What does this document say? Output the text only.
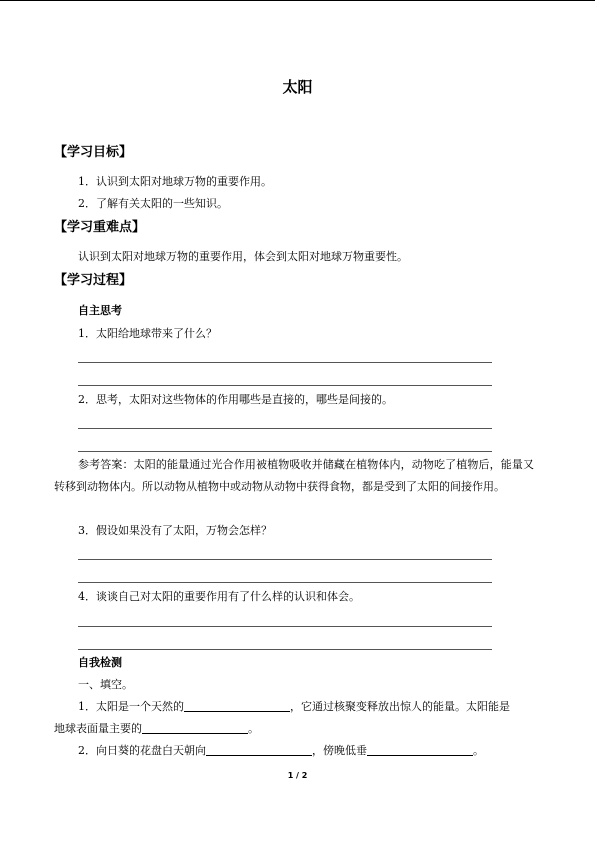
太阳
【学习目标】
1．认识到太阳对地球万物的重要作用。
2．了解有关太阳的一些知识。
【学习重难点】
认识到太阳对地球万物的重要作用，体会到太阳对地球万物重要性。
【学习过程】
自主思考
1．太阳给地球带来了什么？
2．思考，太阳对这些物体的作用哪些是直接的，哪些是间接的。
参考答案：太阳的能量通过光合作用被植物吸收并储藏在植物体内，动物吃了植物后，能量又转移到动物体内。所以动物从植物中或动物从动物中获得食物，都是受到了太阳的间接作用。
3．假设如果没有了太阳，万物会怎样？
4．谈谈自己对太阳的重要作用有了什么样的认识和体会。
自我检测
一、填空。
1．太阳是一个天然的	，它通过核聚变释放出惊人的能量。太阳能是
地球表面量主要的	。
2．向日葵的花盘白天朝向	，傍晚低垂	。
1 / 2
